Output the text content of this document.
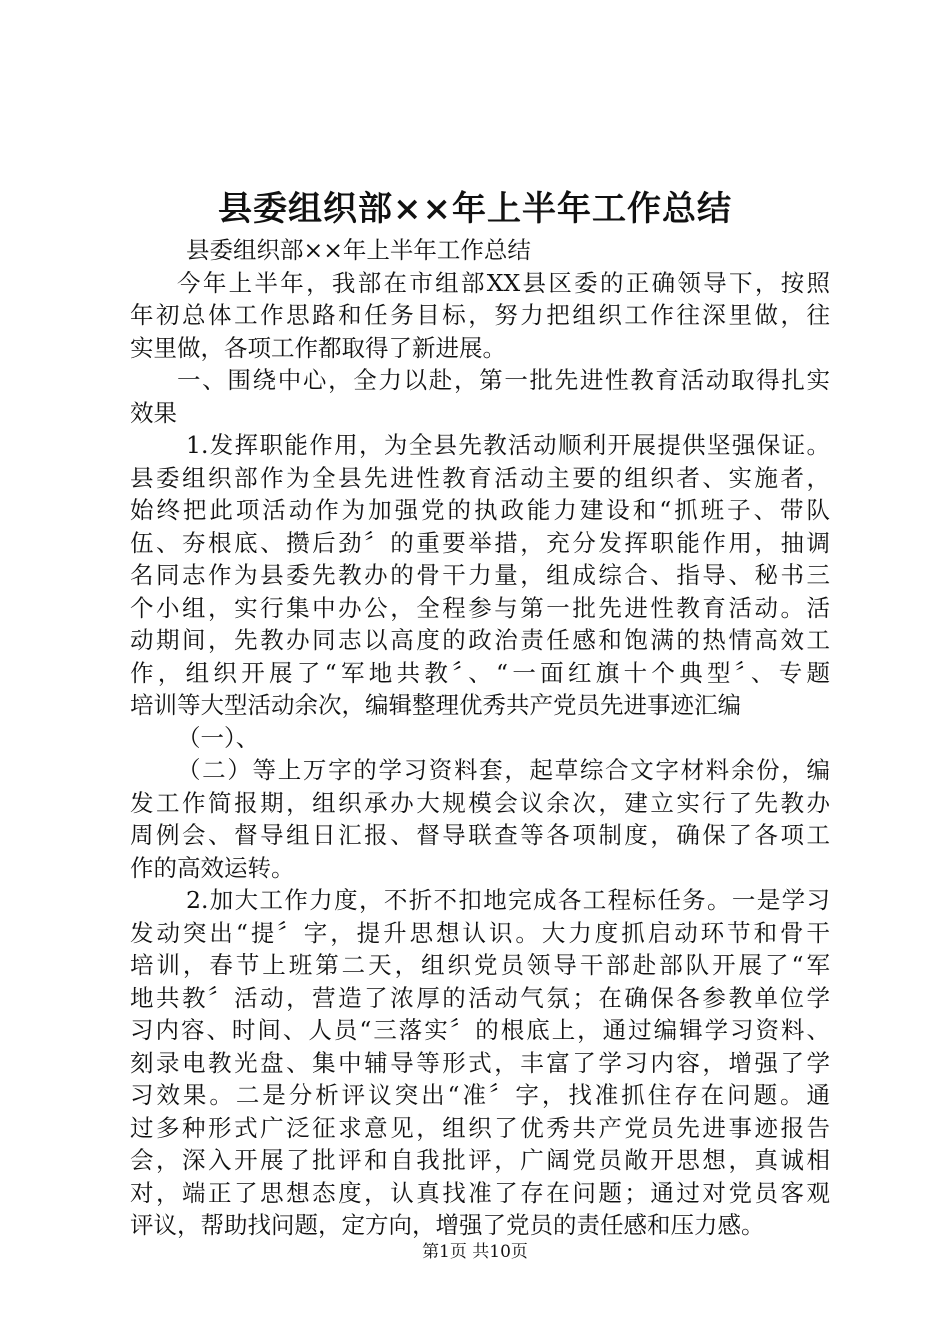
县委组织部××年上半年工作总结
县委组织部××年上半年工作总结
今年上半年，我部在市组部XX县区委的正确领导下，按照
年初总体工作思路和任务目标，努力把组织工作往深里做，往
实里做，各项工作都取得了新进展。
一、围绕中心，全力以赴，第一批先进性教育活动取得扎实
效果
1.发挥职能作用，为全县先教活动顺利开展提供坚强保证。
县委组织部作为全县先进性教育活动主要的组织者、实施者，
始终把此项活动作为加强党的执政能力建设和“抓班子、带队
伍、夯根底、攒后劲〞的重要举措，充分发挥职能作用，抽调
名同志作为县委先教办的骨干力量，组成综合、指导、秘书三
个小组，实行集中办公，全程参与第一批先进性教育活动。活
动期间，先教办同志以高度的政治责任感和饱满的热情高效工
作，组织开展了“军地共教〞、“一面红旗十个典型〞、专题
培训等大型活动余次，编辑整理优秀共产党员先进事迹汇编
（一）、
（二）等上万字的学习资料套，起草综合文字材料余份，编
发工作简报期，组织承办大规模会议余次，建立实行了先教办
周例会、督导组日汇报、督导联查等各项制度，确保了各项工
作的高效运转。
2.加大工作力度，不折不扣地完成各工程标任务。一是学习
发动突出“提〞字，提升思想认识。大力度抓启动环节和骨干
培训，春节上班第二天，组织党员领导干部赴部队开展了“军
地共教〞活动，营造了浓厚的活动气氛；在确保各参教单位学
习内容、时间、人员“三落实〞的根底上，通过编辑学习资料、
刻录电教光盘、集中辅导等形式，丰富了学习内容，增强了学
习效果。二是分析评议突出“准〞字，找准抓住存在问题。通
过多种形式广泛征求意见，组织了优秀共产党员先进事迹报告
会，深入开展了批评和自我批评，广阔党员敞开思想，真诚相
对，端正了思想态度，认真找准了存在问题；通过对党员客观
评议，帮助找问题，定方向，增强了党员的责任感和压力感。
第1页 共10页
